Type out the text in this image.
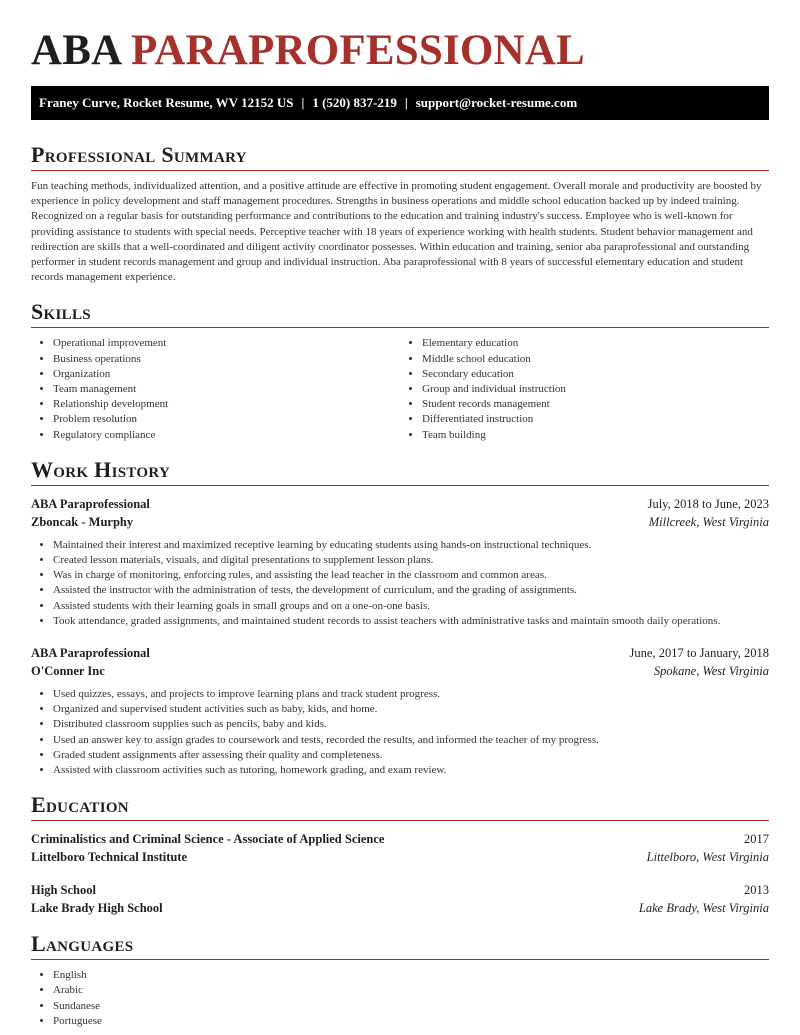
ABA PARAPROFESSIONAL
Franey Curve, Rocket Resume, WV 12152 US | 1 (520) 837-219 | support@rocket-resume.com
Professional Summary

Fun teaching methods, individualized attention, and a positive attitude are effective in promoting student engagement. Overall morale and productivity are boosted by experience in policy development and staff management procedures. Strengths in business operations and middle school education backed up by indeed training. Recognized on a regular basis for outstanding performance and contributions to the education and training industry's success. Employee who is well-known for providing assistance to students with special needs. Perceptive teacher with 18 years of experience working with health students. Student behavior management and redirection are skills that a well-coordinated and diligent activity coordinator possesses. Within education and training, senior aba paraprofessional and outstanding performer in student records management and group and individual instruction. Aba paraprofessional with 8 years of successful elementary education and student records management experience.

Skills
• Operational improvement
• Business operations
• Organization
• Team management
• Relationship development
• Problem resolution
• Regulatory compliance
• Elementary education
• Middle school education
• Secondary education
• Group and individual instruction
• Student records management
• Differentiated instruction
• Team building
Work History
ABA Paraprofessional	July, 2018 to June, 2023
Zboncak - Murphy	Millcreek, West Virginia
• Maintained their interest and maximized receptive learning by educating students using hands-on instructional techniques.
• Created lesson materials, visuals, and digital presentations to supplement lesson plans.
• Was in charge of monitoring, enforcing rules, and assisting the lead teacher in the classroom and common areas.
• Assisted the instructor with the administration of tests, the development of curriculum, and the grading of assignments.
• Assisted students with their learning goals in small groups and on a one-on-one basis.
• Took attendance, graded assignments, and maintained student records to assist teachers with administrative tasks and maintain smooth daily operations.
ABA Paraprofessional	June, 2017 to January, 2018
O'Conner Inc	Spokane, West Virginia
• Used quizzes, essays, and projects to improve learning plans and track student progress.
• Organized and supervised student activities such as baby, kids, and home.
• Distributed classroom supplies such as pencils, baby and kids.
• Used an answer key to assign grades to coursework and tests, recorded the results, and informed the teacher of my progress.
• Graded student assignments after assessing their quality and completeness.
• Assisted with classroom activities such as tutoring, homework grading, and exam review.
Education
Criminalistics and Criminal Science - Associate of Applied Science	2017
Littelboro Technical Institute	Littelboro, West Virginia
High School	2013
Lake Brady High School	Lake Brady, West Virginia
Languages
• English
• Arabic
• Sundanese
• Portuguese
